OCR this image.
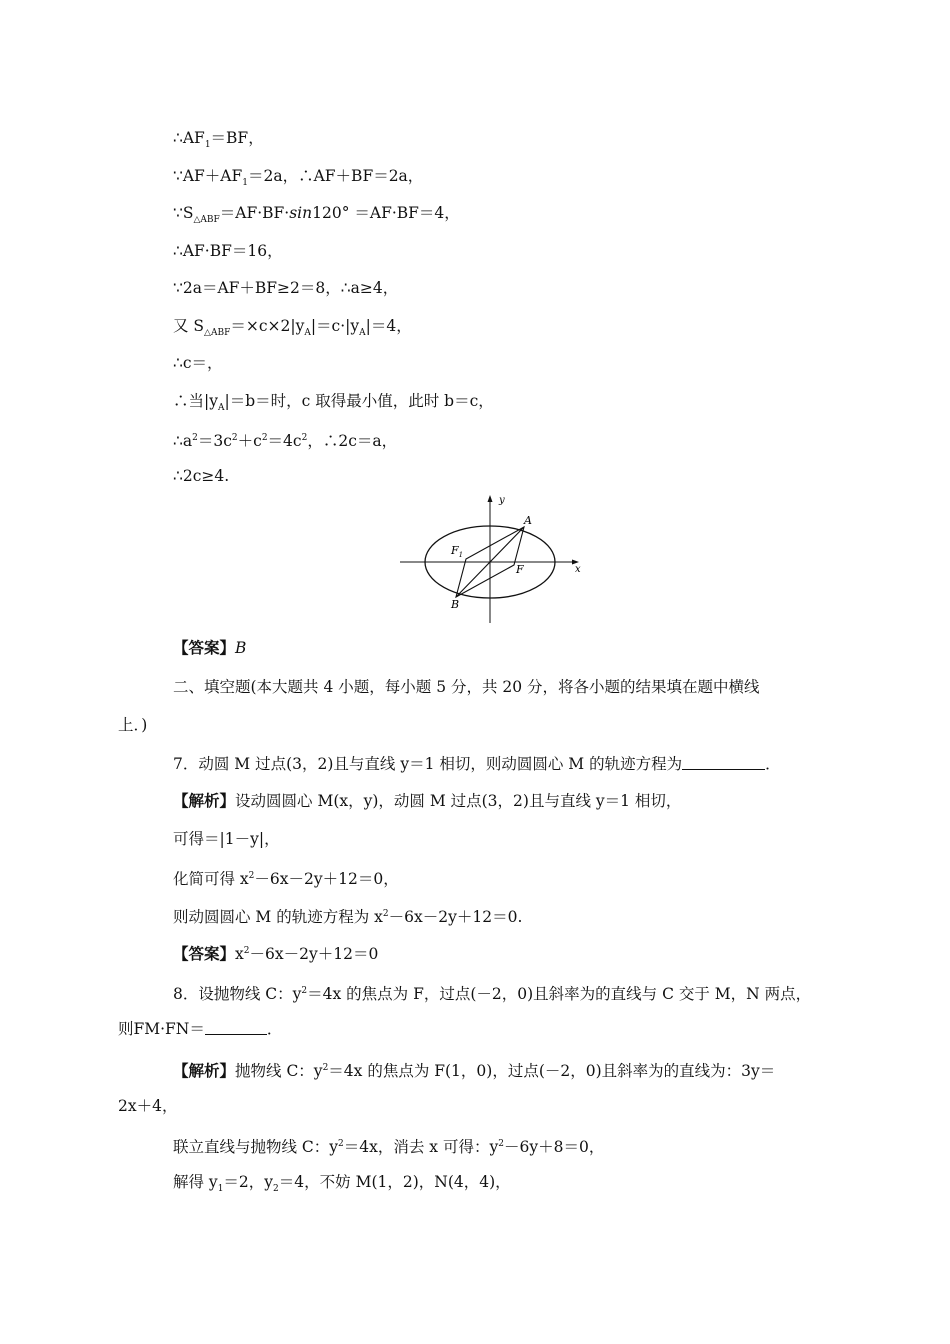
$\therefore AF_1=BF$，
$\because AF+AF_1=2a$，∴AF＋BF＝2a，
$\because S_{\triangle ABF}=AF\cdot BF\cdot\sin 120^\circ =AF\cdot BF=4$，
∴AF·BF＝16，
∵2a＝AF＋BF≥2＝8，∴a≥4，
又 $S_{\triangle ABF}=\times c\times 2|y_A|=c\cdot|y_A|=4$，
∴c＝，
∴当$|y_A|=b=$时，c 取得最小值，此时 b＝c，
$\therefore a^2=3c^2+c^2=4c^2$，∴2c＝a，
∴2c≥4.
y
x
A
$F_1$
F
B
【答案】B
二、填空题(本大题共 4 小题，每小题 5 分，共 20 分，将各小题的结果填在题中横线
上．)
7．动圆 M 过点(3，2)且与直线 y＝1 相切，则动圆圆心 M 的轨迹方程为	．
【解析】设动圆圆心 M(x，y)，动圆 M 过点(3，2)且与直线 y＝1 相切，
可得＝|1－y|，
化简可得 $x^2-6x-2y+12=0$，
则动圆圆心 M 的轨迹方程为 $x^2-6x-2y+12=0$.
【答案】$x^2-6x-2y+12=0$
8．设抛物线 C：$y^2=4x$ 的焦点为 F，过点(－2，0)且斜率为的直线与 C 交于 M，N 两点，
则FM·FN＝	．
【解析】抛物线 C：$y^2=4x$ 的焦点为 F(1，0)，过点(－2，0)且斜率为的直线为：3y＝
2x＋4，
联立直线与抛物线 C：$y^2=4x$，消去 x 可得：$y^2-6y+8=0$，
解得 $y_1=2$，$y_2=4$，不妨 M(1，2)，N(4，4)，
